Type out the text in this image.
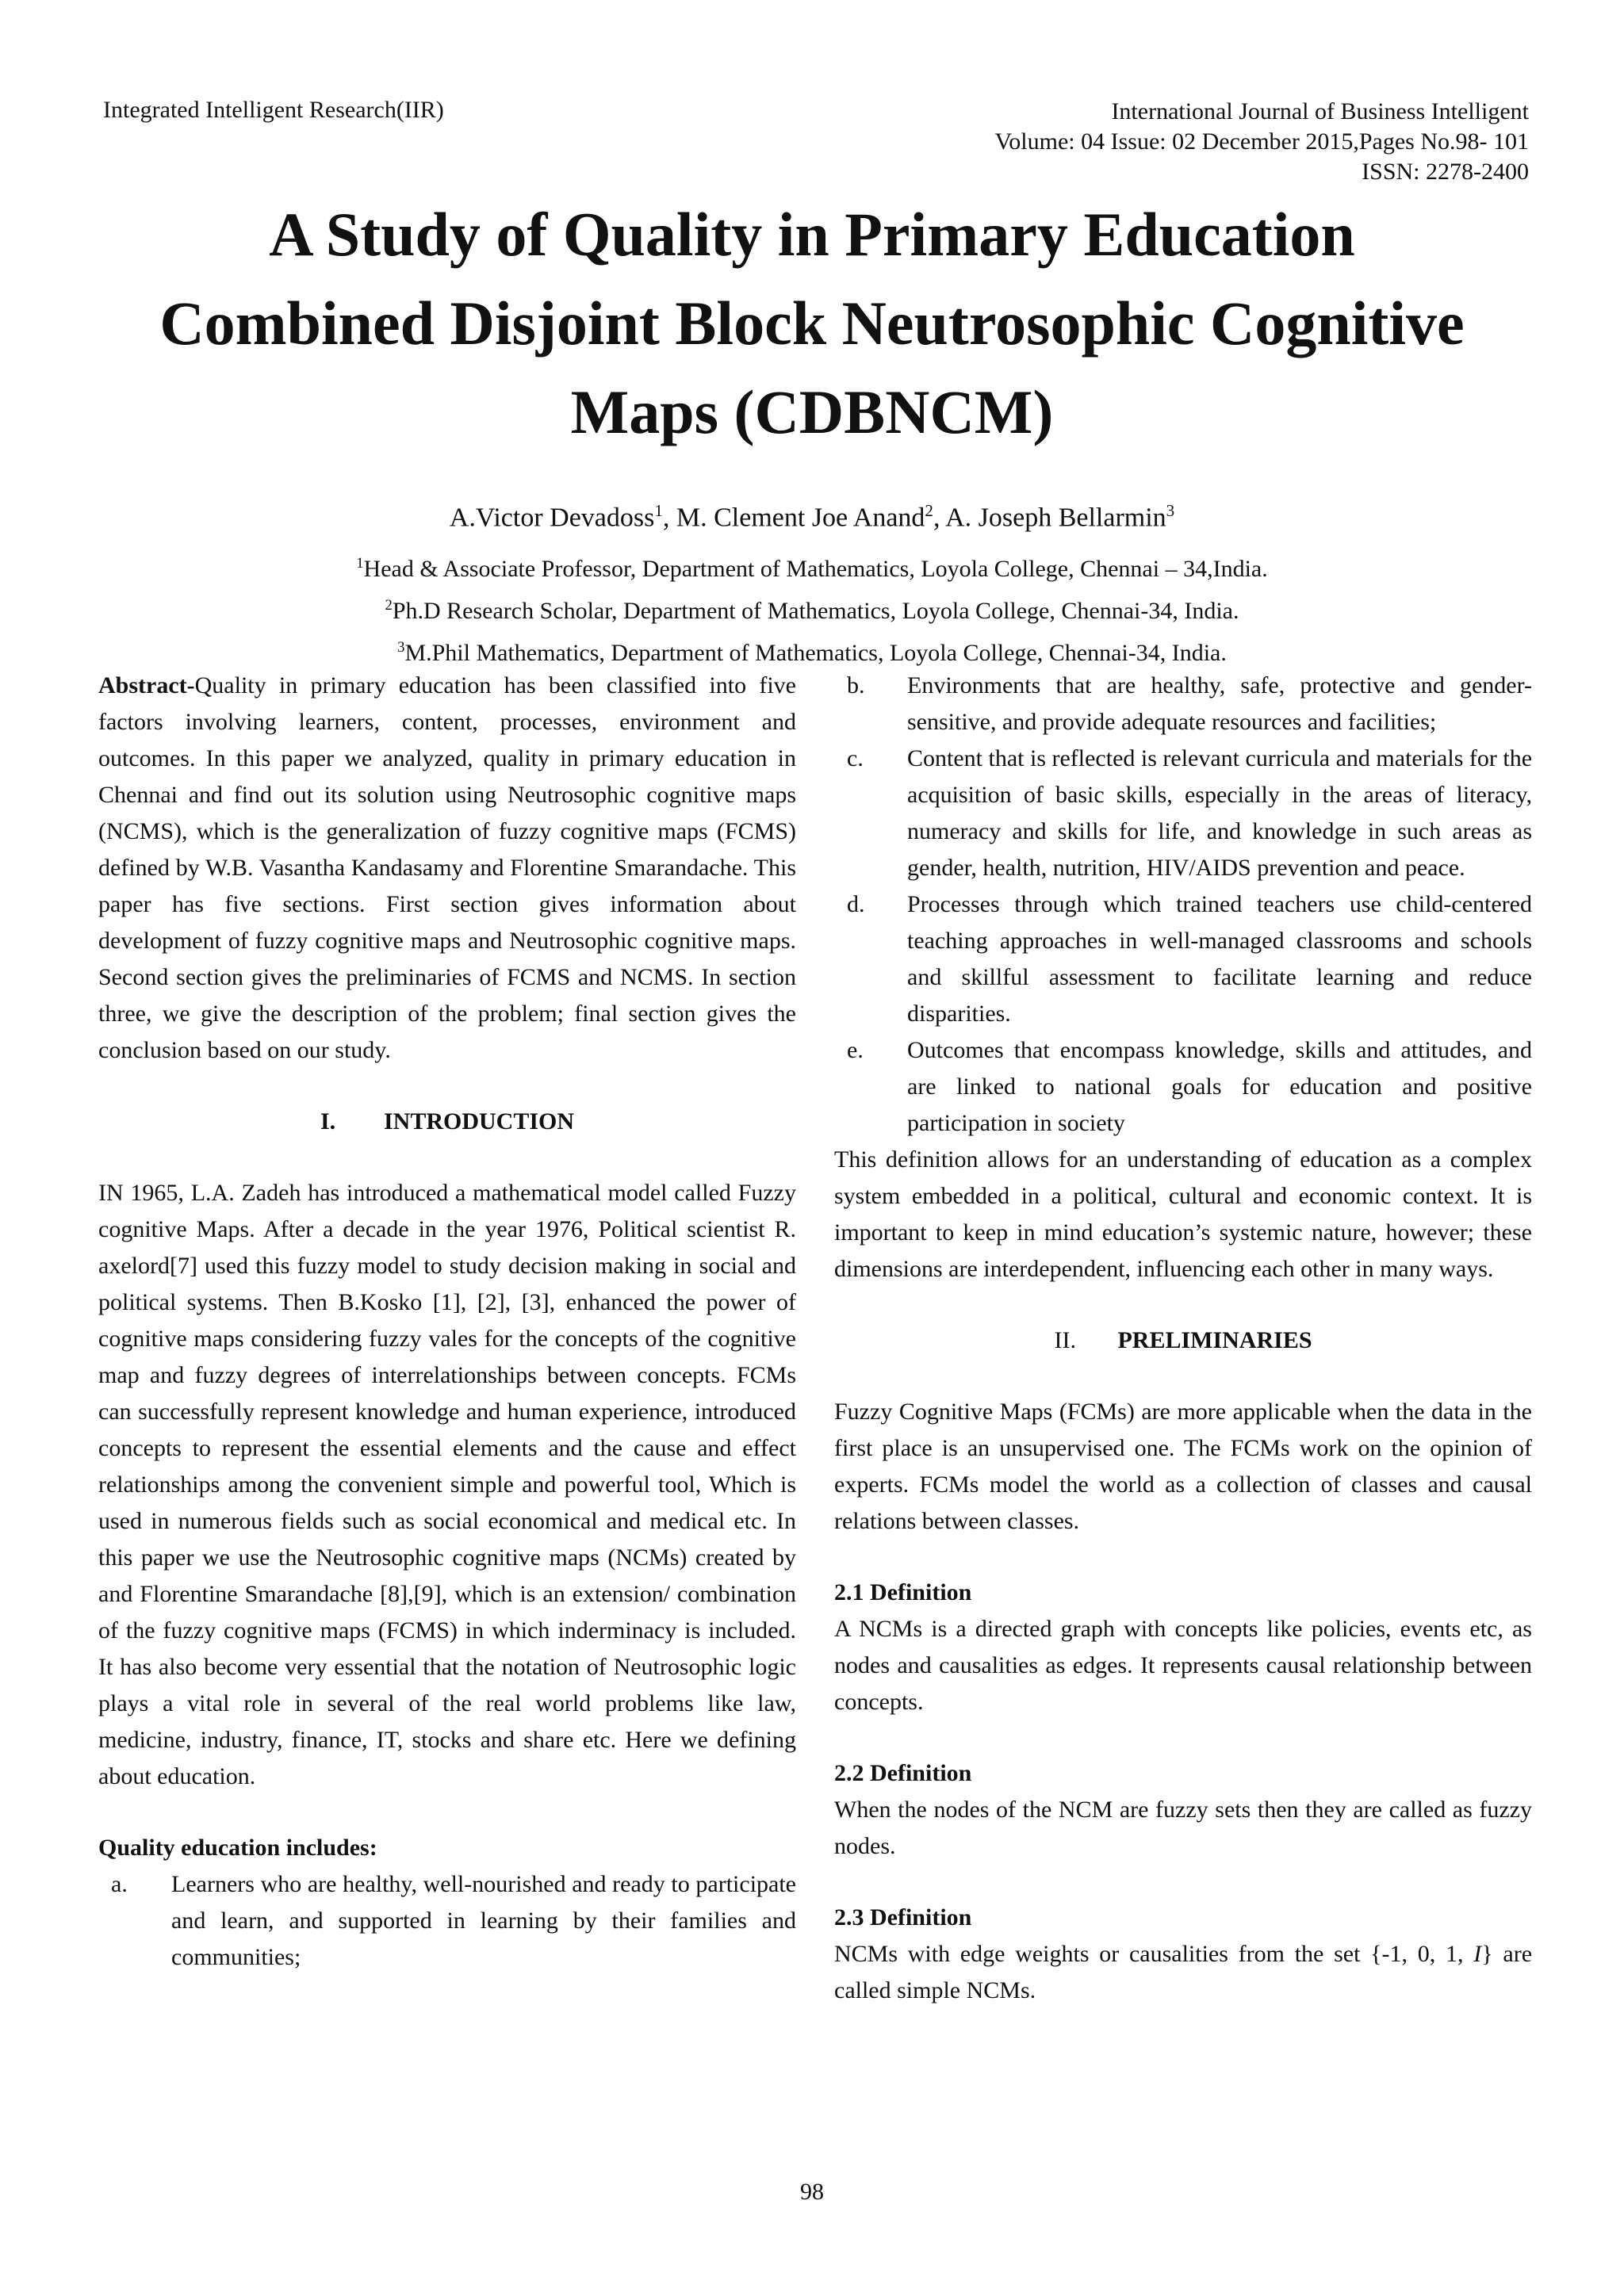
Integrated Intelligent Research(IIR)	International Journal of Business Intelligent
Volume: 04 Issue: 02 December 2015,Pages No.98- 101
ISSN: 2278-2400
A Study of Quality in Primary Education
Combined Disjoint Block Neutrosophic Cognitive
Maps (CDBNCM)
A.Victor Devadoss$^1$, M. Clement Joe Anand$^2$, A. Joseph Bellarmin$^3$
$^1$Head & Associate Professor, Department of Mathematics, Loyola College, Chennai – 34,India.
$^2$Ph.D Research Scholar, Department of Mathematics, Loyola College, Chennai-34, India.
$^3$M.Phil Mathematics, Department of Mathematics, Loyola College, Chennai-34, India.

Abstract-Quality in primary education has been classified into five factors involving learners, content, processes, environment and outcomes. In this paper we analyzed, quality in primary education in Chennai and find out its solution using Neutrosophic cognitive maps (NCMS), which is the generalization of fuzzy cognitive maps (FCMS) defined by W.B. Vasantha Kandasamy and Florentine Smarandache. This paper has five sections. First section gives information about development of fuzzy cognitive maps and Neutrosophic cognitive maps. Second section gives the preliminaries of FCMS and NCMS. In section three, we give the description of the problem; final section gives the conclusion based on our study.

I. INTRODUCTION

IN 1965, L.A. Zadeh has introduced a mathematical model called Fuzzy cognitive Maps. After a decade in the year 1976, Political scientist R. axelord[7] used this fuzzy model to study decision making in social and political systems. Then B.Kosko [1], [2], [3], enhanced the power of cognitive maps considering fuzzy vales for the concepts of the cognitive map and fuzzy degrees of interrelationships between concepts. FCMs can successfully represent knowledge and human experience, introduced concepts to represent the essential elements and the cause and effect relationships among the convenient simple and powerful tool, Which is used in numerous fields such as social economical and medical etc. In this paper we use the Neutrosophic cognitive maps (NCMs) created by and Florentine Smarandache [8],[9], which is an extension/ combination of the fuzzy cognitive maps (FCMS) in which inderminacy is included. It has also become very essential that the notation of Neutrosophic logic plays a vital role in several of the real world problems like law, medicine, industry, finance, IT, stocks and share etc. Here we defining about education.

Quality education includes:
a. Learners who are healthy, well-nourished and ready to participate and learn, and supported in learning by their families and communities;
b. Environments that are healthy, safe, protective and gender-sensitive, and provide adequate resources and facilities;
c. Content that is reflected is relevant curricula and materials for the acquisition of basic skills, especially in the areas of literacy, numeracy and skills for life, and knowledge in such areas as gender, health, nutrition, HIV/AIDS prevention and peace.
d. Processes through which trained teachers use child-centered teaching approaches in well-managed classrooms and schools and skillful assessment to facilitate learning and reduce disparities.
e. Outcomes that encompass knowledge, skills and attitudes, and are linked to national goals for education and positive participation in society

This definition allows for an understanding of education as a complex system embedded in a political, cultural and economic context. It is important to keep in mind education’s systemic nature, however; these dimensions are interdependent, influencing each other in many ways.

II. PRELIMINARIES

Fuzzy Cognitive Maps (FCMs) are more applicable when the data in the first place is an unsupervised one. The FCMs work on the opinion of experts. FCMs model the world as a collection of classes and causal relations between classes.

2.1 Definition

A NCMs is a directed graph with concepts like policies, events etc, as nodes and causalities as edges. It represents causal relationship between concepts.

2.2 Definition

When the nodes of the NCM are fuzzy sets then they are called as fuzzy nodes.

2.3 Definition

NCMs with edge weights or causalities from the set {-1, 0, 1, I} are called simple NCMs.

98
